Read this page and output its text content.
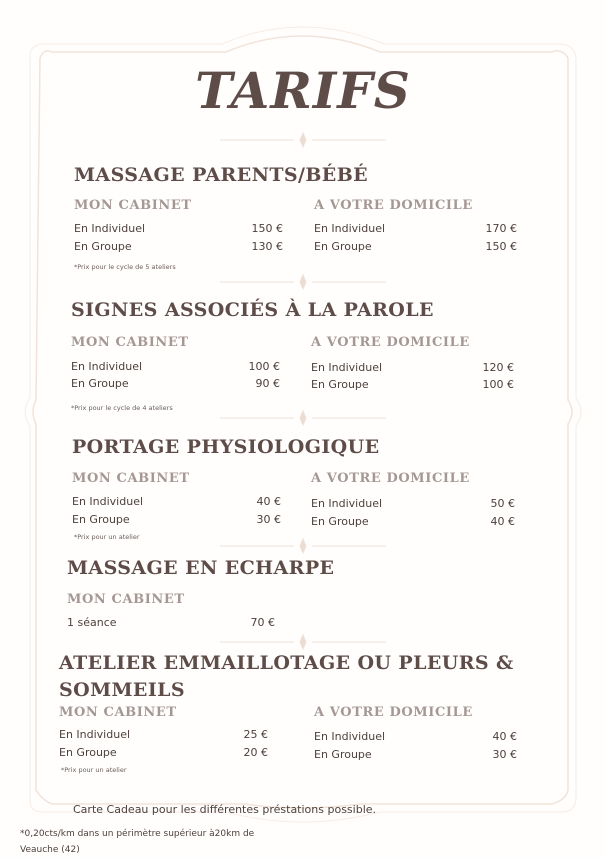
TARIFS
MASSAGE PARENTS/BÉBÉ
MON CABINET	A VOTRE DOMICILE
En Individuel	150 €
En Groupe	130 €
En Individuel	170 €
En Groupe	150 €
*Prix pour le cycle de 5 ateliers
SIGNES ASSOCIÉS À LA PAROLE
MON CABINET	A VOTRE DOMICILE
En Individuel	100 €
En Groupe	90 €
En Individuel	120 €
En Groupe	100 €
*Prix pour le cycle de 4 ateliers
PORTAGE PHYSIOLOGIQUE
MON CABINET	A VOTRE DOMICILE
En Individuel	40 €
En Groupe	30 €
En Individuel	50 €
En Groupe	40 €
*Prix pour un atelier
MASSAGE EN ECHARPE
MON CABINET
1 séance	70 €
ATELIER EMMAILLOTAGE OU PLEURS &
SOMMEILS
MON CABINET	A VOTRE DOMICILE
En Individuel	25 €
En Groupe	20 €
En Individuel	40 €
En Groupe	30 €
*Prix pour un atelier
Carte Cadeau pour les différentes préstations possible.
*0,20cts/km dans un périmètre supérieur à20km de Veauche (42)
